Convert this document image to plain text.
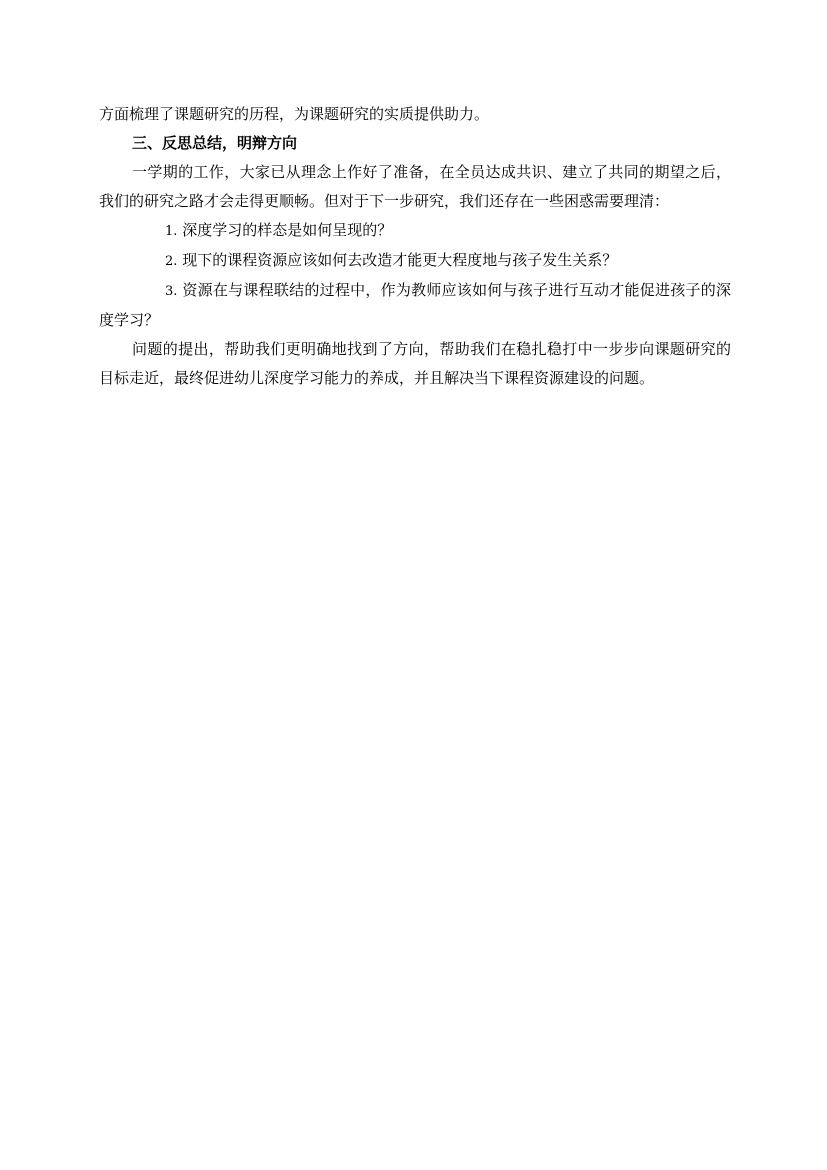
方面梳理了课题研究的历程，为课题研究的实质提供助力。

三、反思总结，明辩方向

一学期的工作，大家已从理念上作好了准备，在全员达成共识、建立了共同的期望之后，我们的研究之路才会走得更顺畅。但对于下一步研究，我们还存在一些困惑需要理清：

1. 深度学习的样态是如何呈现的？

2. 现下的课程资源应该如何去改造才能更大程度地与孩子发生关系？

3. 资源在与课程联结的过程中，作为教师应该如何与孩子进行互动才能促进孩子的深度学习？

问题的提出，帮助我们更明确地找到了方向，帮助我们在稳扎稳打中一步步向课题研究的目标走近，最终促进幼儿深度学习能力的养成，并且解决当下课程资源建设的问题。
